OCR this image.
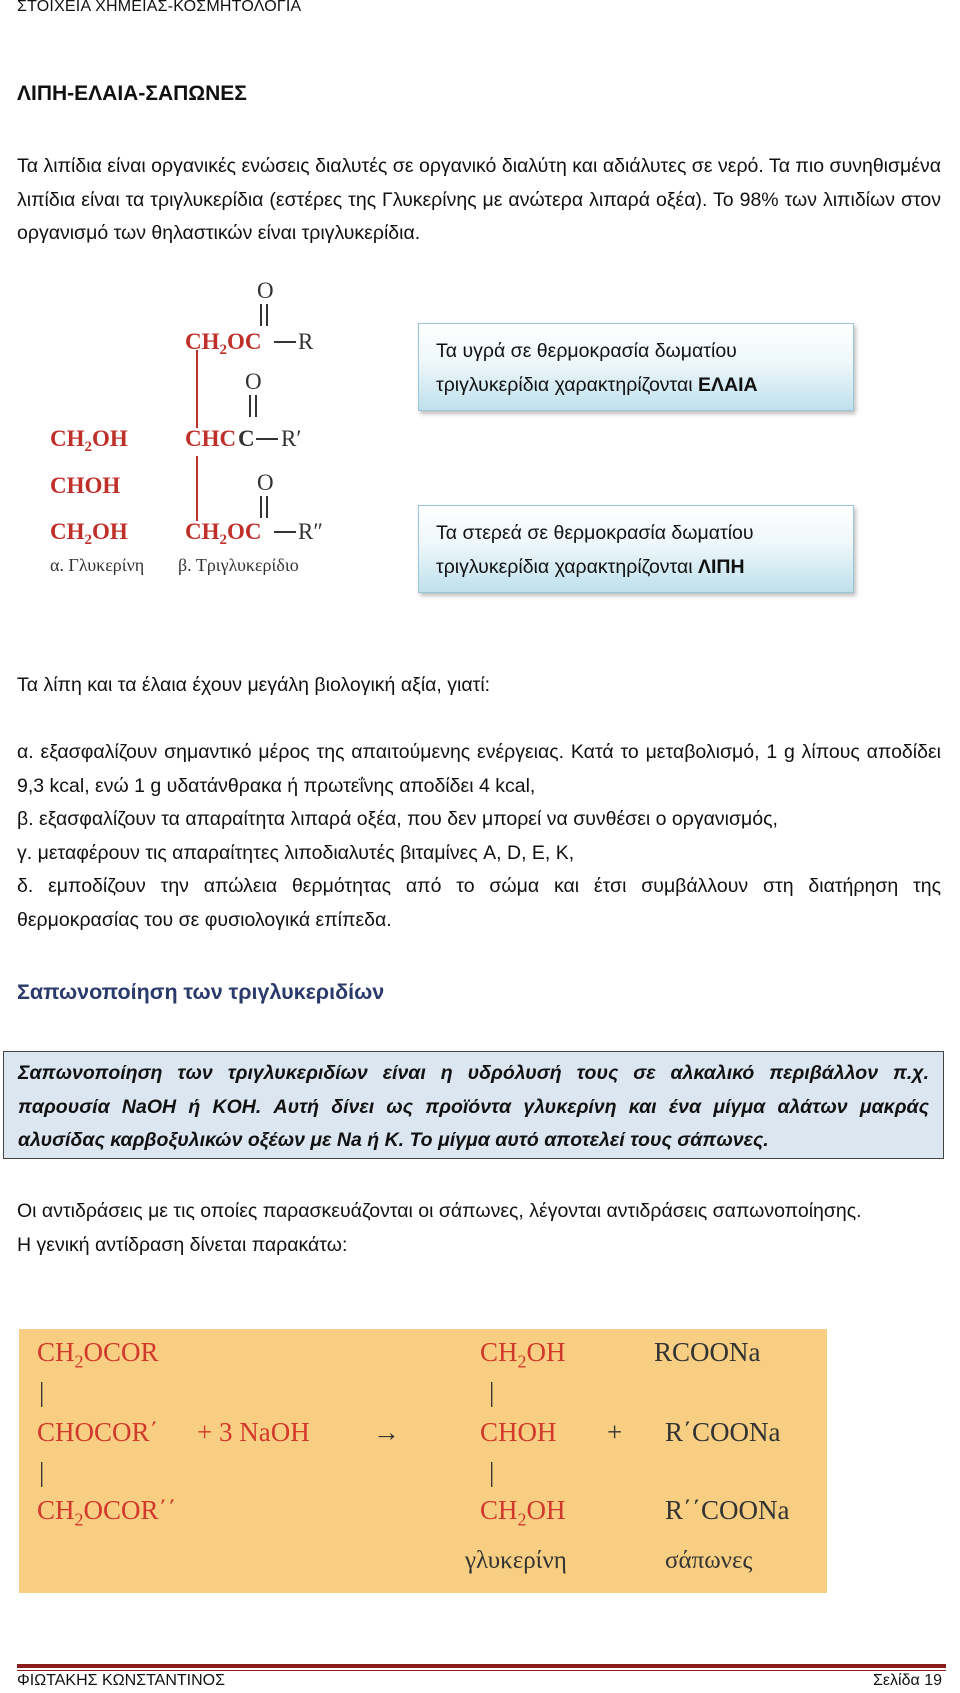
ΣΤΟΙΧΕΙΑ ΧΗΜΕΙΑΣ-ΚΟΣΜΗΤΟΛΟΓΙΑ
ΛΙΠΗ-ΕΛΑΙΑ-ΣΑΠΩΝΕΣ

Τα λιπίδια είναι οργανικές ενώσεις διαλυτές σε οργανικό διαλύτη και αδιάλυτες σε νερό. Τα πιο συνηθισμένα λιπίδια είναι τα τριγλυκερίδια (εστέρες της Γλυκερίνης με ανώτερα λιπαρά οξέα). Το 98% των λιπιδίων στον οργανισμό των θηλαστικών είναι τριγλυκερίδια.

$CH_2OH$
CHOH
$CH_2OH$
α. Γλυκερίνη
O
$CH_2OC$ R
O
CHC C R′
O
$CH_2OC$ R″
β. Τριγλυκερίδιο
Τα υγρά σε θερμοκρασία δωματίου τριγλυκερίδια χαρακτηρίζονται ΕΛΑΙΑ
Τα στερεά σε θερμοκρασία δωματίου τριγλυκερίδια χαρακτηρίζονται ΛΙΠΗ

Τα λίπη και τα έλαια έχουν μεγάλη βιολογική αξία, γιατί:

α. εξασφαλίζουν σημαντικό μέρος της απαιτούμενης ενέργειας. Κατά το μεταβολισμό, 1 g λίπους αποδίδει 9,3 kcal, ενώ 1 g υδατάνθρακα ή πρωτεΐνης αποδίδει 4 kcal,

β. εξασφαλίζουν τα απαραίτητα λιπαρά οξέα, που δεν μπορεί να συνθέσει ο οργανισμός,

γ. μεταφέρουν τις απαραίτητες λιποδιαλυτές βιταμίνες A, D, E, K,

δ. εμποδίζουν την απώλεια θερμότητας από το σώμα και έτσι συμβάλλουν στη διατήρηση της θερμοκρασίας του σε φυσιολογικά επίπεδα.

Σαπωνοποίηση των τριγλυκεριδίων
Σαπωνοποίηση των τριγλυκεριδίων είναι η υδρόλυσή τους σε αλκαλικό περιβάλλον π.χ. παρουσία NaOH ή KOH. Αυτή δίνει ως προϊόντα γλυκερίνη και ένα μίγμα αλάτων μακράς αλυσίδας καρβοξυλικών οξέων με Na ή K. Το μίγμα αυτό αποτελεί τους σάπωνες.

Οι αντιδράσεις με τις οποίες παρασκευάζονται οι σάπωνες, λέγονται αντιδράσεις σαπωνοποίησης.

Η γενική αντίδραση δίνεται παρακάτω:

$CH_2OCOR$
|
CHOCOR΄ + 3 NaOH
|
$CH_2OCOR΄΄$
→
$CH_2OH$
|
CHOH
|
$CH_2OH$
+
RCOONa
R΄COONa
R΄΄COONa
γλυκερίνη	σάπωνες
ΦΙΩΤΑΚΗΣ ΚΩΝΣΤΑΝΤΙΝΟΣ	Σελίδα 19
